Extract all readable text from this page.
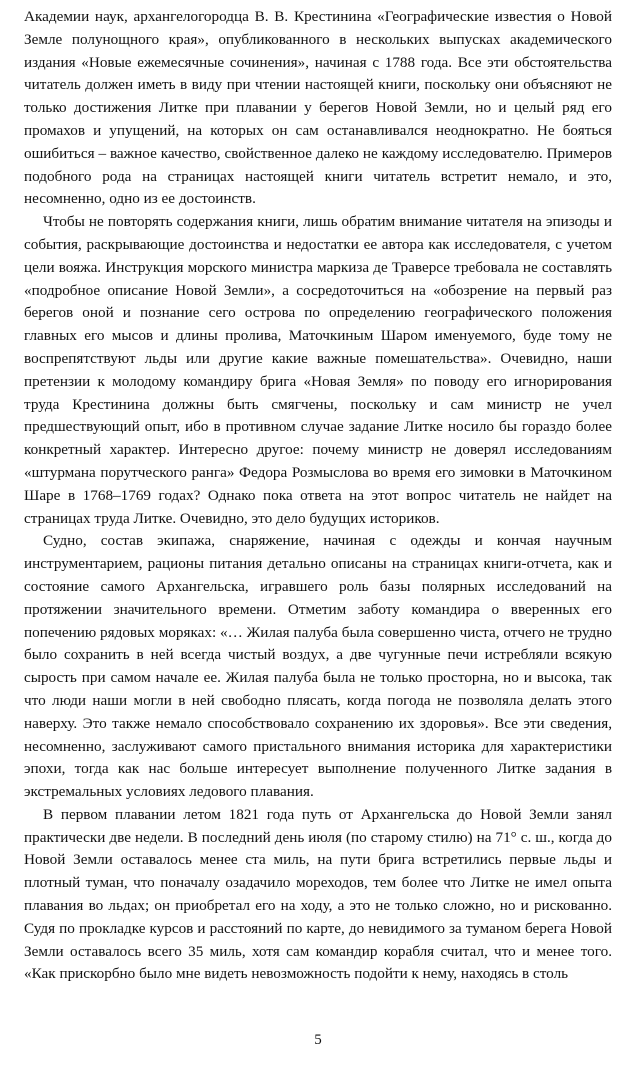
Академии наук, архангелогородца В. В. Крестинина «Географические известия о Новой Земле полунощного края», опубликованного в нескольких выпусках академического издания «Новые ежемесячные сочинения», начиная с 1788 года. Все эти обстоятельства читатель должен иметь в виду при чтении настоящей книги, поскольку они объясняют не только достижения Литке при плавании у берегов Новой Земли, но и целый ряд его промахов и упущений, на которых он сам останавливался неоднократно. Не бояться ошибиться – важное качество, свойственное далеко не каждому исследователю. Примеров подобного рода на страницах настоящей книги читатель встретит немало, и это, несомненно, одно из ее достоинств.

Чтобы не повторять содержания книги, лишь обратим внимание читателя на эпизоды и события, раскрывающие достоинства и недостатки ее автора как исследователя, с учетом цели вояжа. Инструкция морского министра маркиза де Траверсе требовала не составлять «подробное описание Новой Земли», а сосредоточиться на «обозрение на первый раз берегов оной и познание сего острова по определению географического положения главных его мысов и длины пролива, Маточкиным Шаром именуемого, буде тому не воспрепятствуют льды или другие какие важные помешательства». Очевидно, наши претензии к молодому командиру брига «Новая Земля» по поводу его игнорирования труда Крестинина должны быть смягчены, поскольку и сам министр не учел предшествующий опыт, ибо в противном случае задание Литке носило бы гораздо более конкретный характер. Интересно другое: почему министр не доверял исследованиям «штурмана порутческого ранга» Федора Розмыслова во время его зимовки в Маточкином Шаре в 1768–1769 годах? Однако пока ответа на этот вопрос читатель не найдет на страницах труда Литке. Очевидно, это дело будущих историков.

Судно, состав экипажа, снаряжение, начиная с одежды и кончая научным инструментарием, рационы питания детально описаны на страницах книги-отчета, как и состояние самого Архангельска, игравшего роль базы полярных исследований на протяжении значительного времени. Отметим заботу командира о вверенных его попечению рядовых моряках: «… Жилая палуба была совершенно чиста, отчего не трудно было сохранить в ней всегда чистый воздух, а две чугунные печи истребляли всякую сырость при самом начале ее. Жилая палуба была не только просторна, но и высока, так что люди наши могли в ней свободно плясать, когда погода не позволяла делать этого наверху. Это также немало способствовало сохранению их здоровья». Все эти сведения, несомненно, заслуживают самого пристального внимания историка для характеристики эпохи, тогда как нас больше интересует выполнение полученного Литке задания в экстремальных условиях ледового плавания.

В первом плавании летом 1821 года путь от Архангельска до Новой Земли занял практически две недели. В последний день июля (по старому стилю) на 71° с. ш., когда до Новой Земли оставалось менее ста миль, на пути брига встретились первые льды и плотный туман, что поначалу озадачило мореходов, тем более что Литке не имел опыта плавания во льдах; он приобретал его на ходу, а это не только сложно, но и рискованно. Судя по прокладке курсов и расстояний по карте, до невидимого за туманом берега Новой Земли оставалось всего 35 миль, хотя сам командир корабля считал, что и менее того. «Как прискорбно было мне видеть невозможность подойти к нему, находясь в столь

5
